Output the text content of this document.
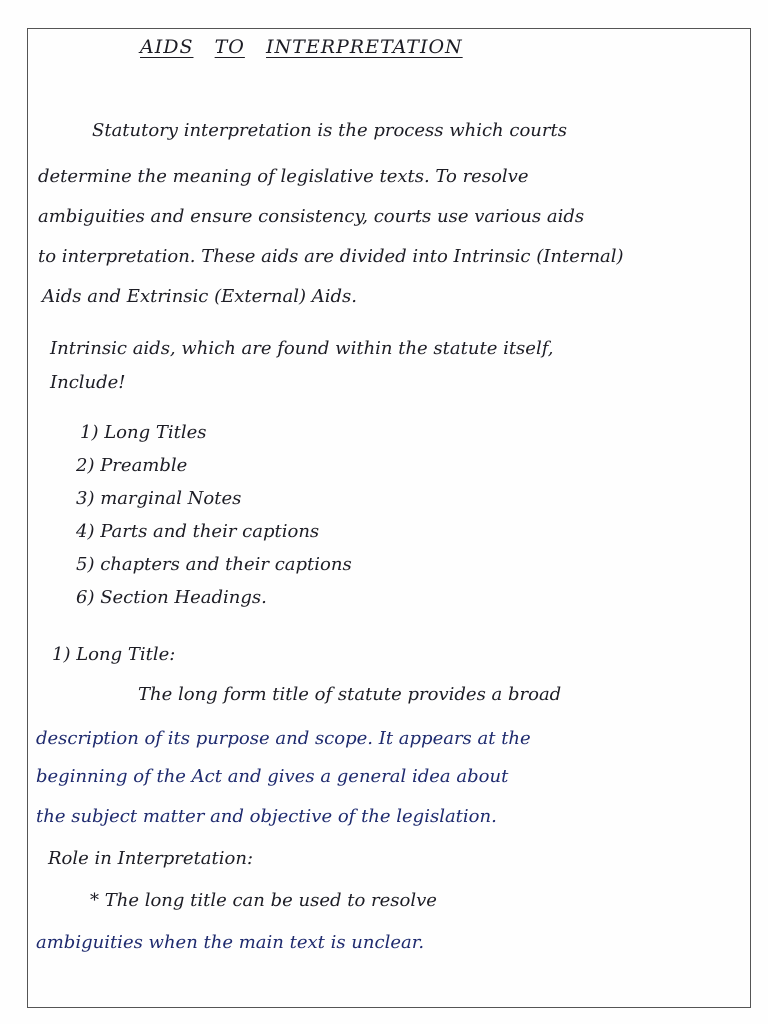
AIDS TO INTERPRETATION
Statutory interpretation is the process which courts
determine the meaning of legislative texts. To resolve
ambiguities and ensure consistency, courts use various aids
to interpretation. These aids are divided into Intrinsic (Internal)
Aids and Extrinsic (External) Aids.
Intrinsic aids, which are found within the statute itself,
Include!
1) Long Titles
2) Preamble
3) marginal Notes
4) Parts and their captions
5) chapters and their captions
6) Section Headings.
1) Long Title:
The long form title of statute provides a broad
description of its purpose and scope. It appears at the
beginning of the Act and gives a general idea about
the subject matter and objective of the legislation.
Role in Interpretation:
* The long title can be used to resolve
ambiguities when the main text is unclear.
